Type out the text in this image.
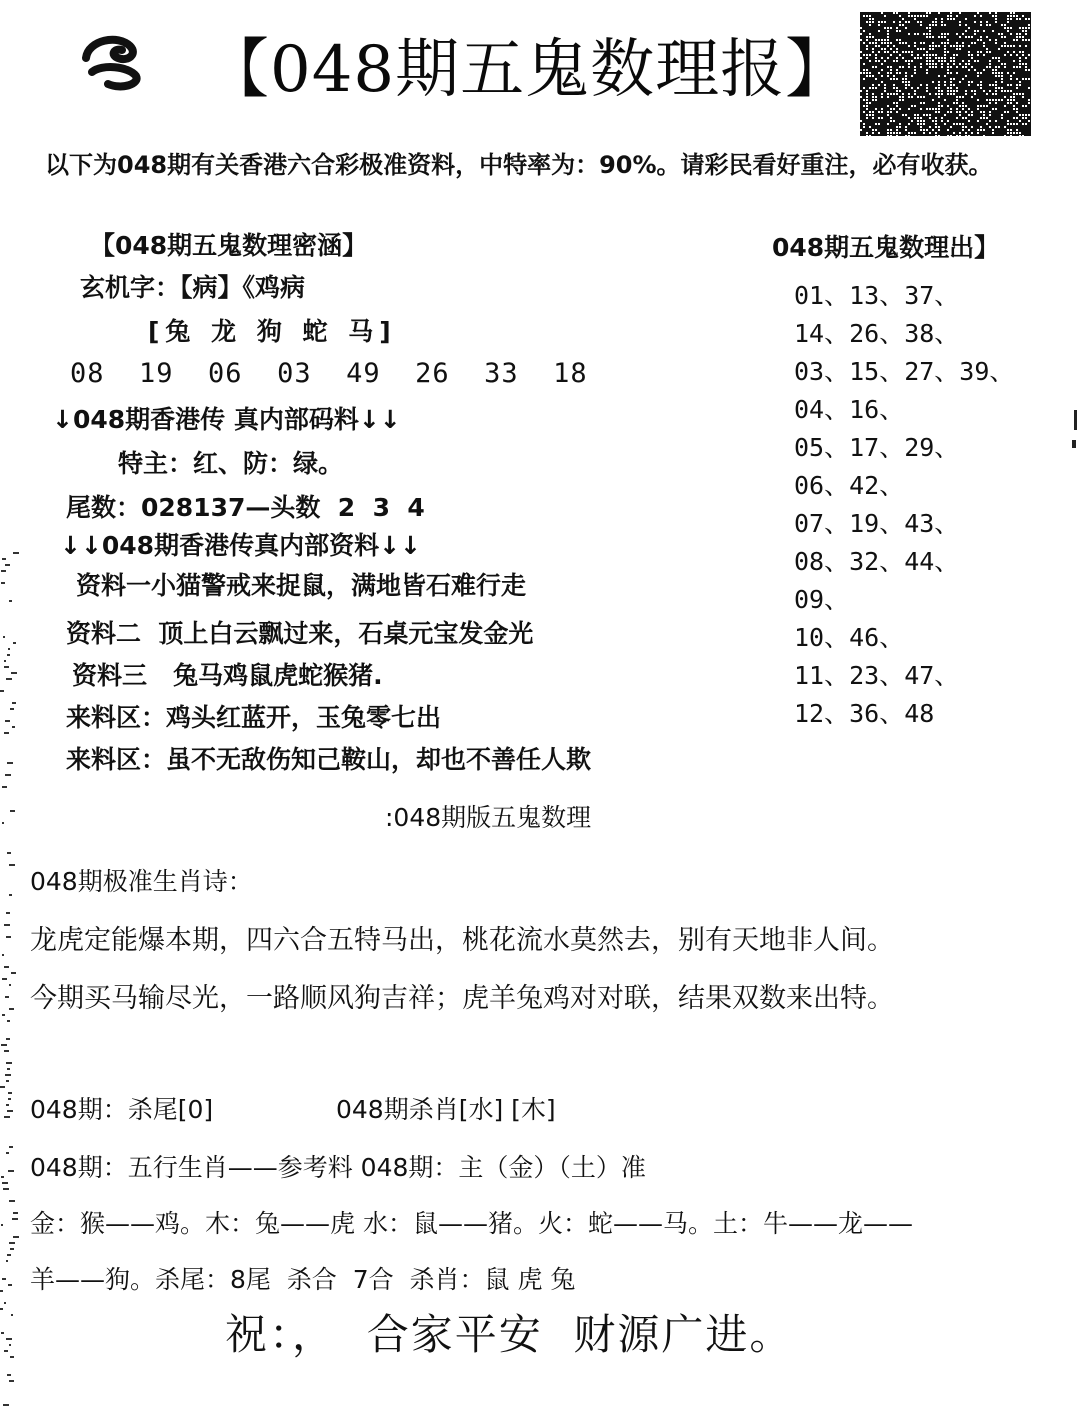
【048期五鬼数理报】
以下为048期有关香港六合彩极准资料，中特率为：90%。请彩民看好重注，必有收获。
【048期五鬼数理密涵】
玄机字：【病】《鸡病
[兔 龙 狗 蛇 马]
08  19  06  03  49  26  33  18
↓048期香港传 真内部码料↓↓
特主：红、防：绿。
尾数：028137—头数  2  3  4
↓↓048期香港传真内部资料↓↓
资料一小猫警戒来捉鼠，满地皆石难行走
资料二  顶上白云飘过来，石桌元宝发金光
资料三   兔马鸡鼠虎蛇猴猪.
来料区：鸡头红蓝开，玉兔零七出
来料区：虽不无敌伤知己鞍山，却也不善任人欺
048期五鬼数理出】
01、13、37、
14、26、38、
03、15、27、39、
04、16、
05、17、29、
06、42、
07、19、43、
08、32、44、
09、
10、46、
11、23、47、
12、36、48
:048期版五鬼数理
048期极准生肖诗：
龙虎定能爆本期，四六合五特马出，桃花流水莫然去，别有天地非人间。
今期买马输尽光，一路顺风狗吉祥；虎羊兔鸡对对联，结果双数来出特。
048期：杀尾[0]	048期杀肖[水] [木]
048期：五行生肖——参考料 048期：主（金）（土）准
金：猴——鸡。木：兔——虎 水：鼠——猪。火：蛇——马。土：牛——龙——
羊——狗。杀尾：8尾  杀合  7合  杀肖：鼠 虎 兔
祝：，  合家平安  财源广进。
